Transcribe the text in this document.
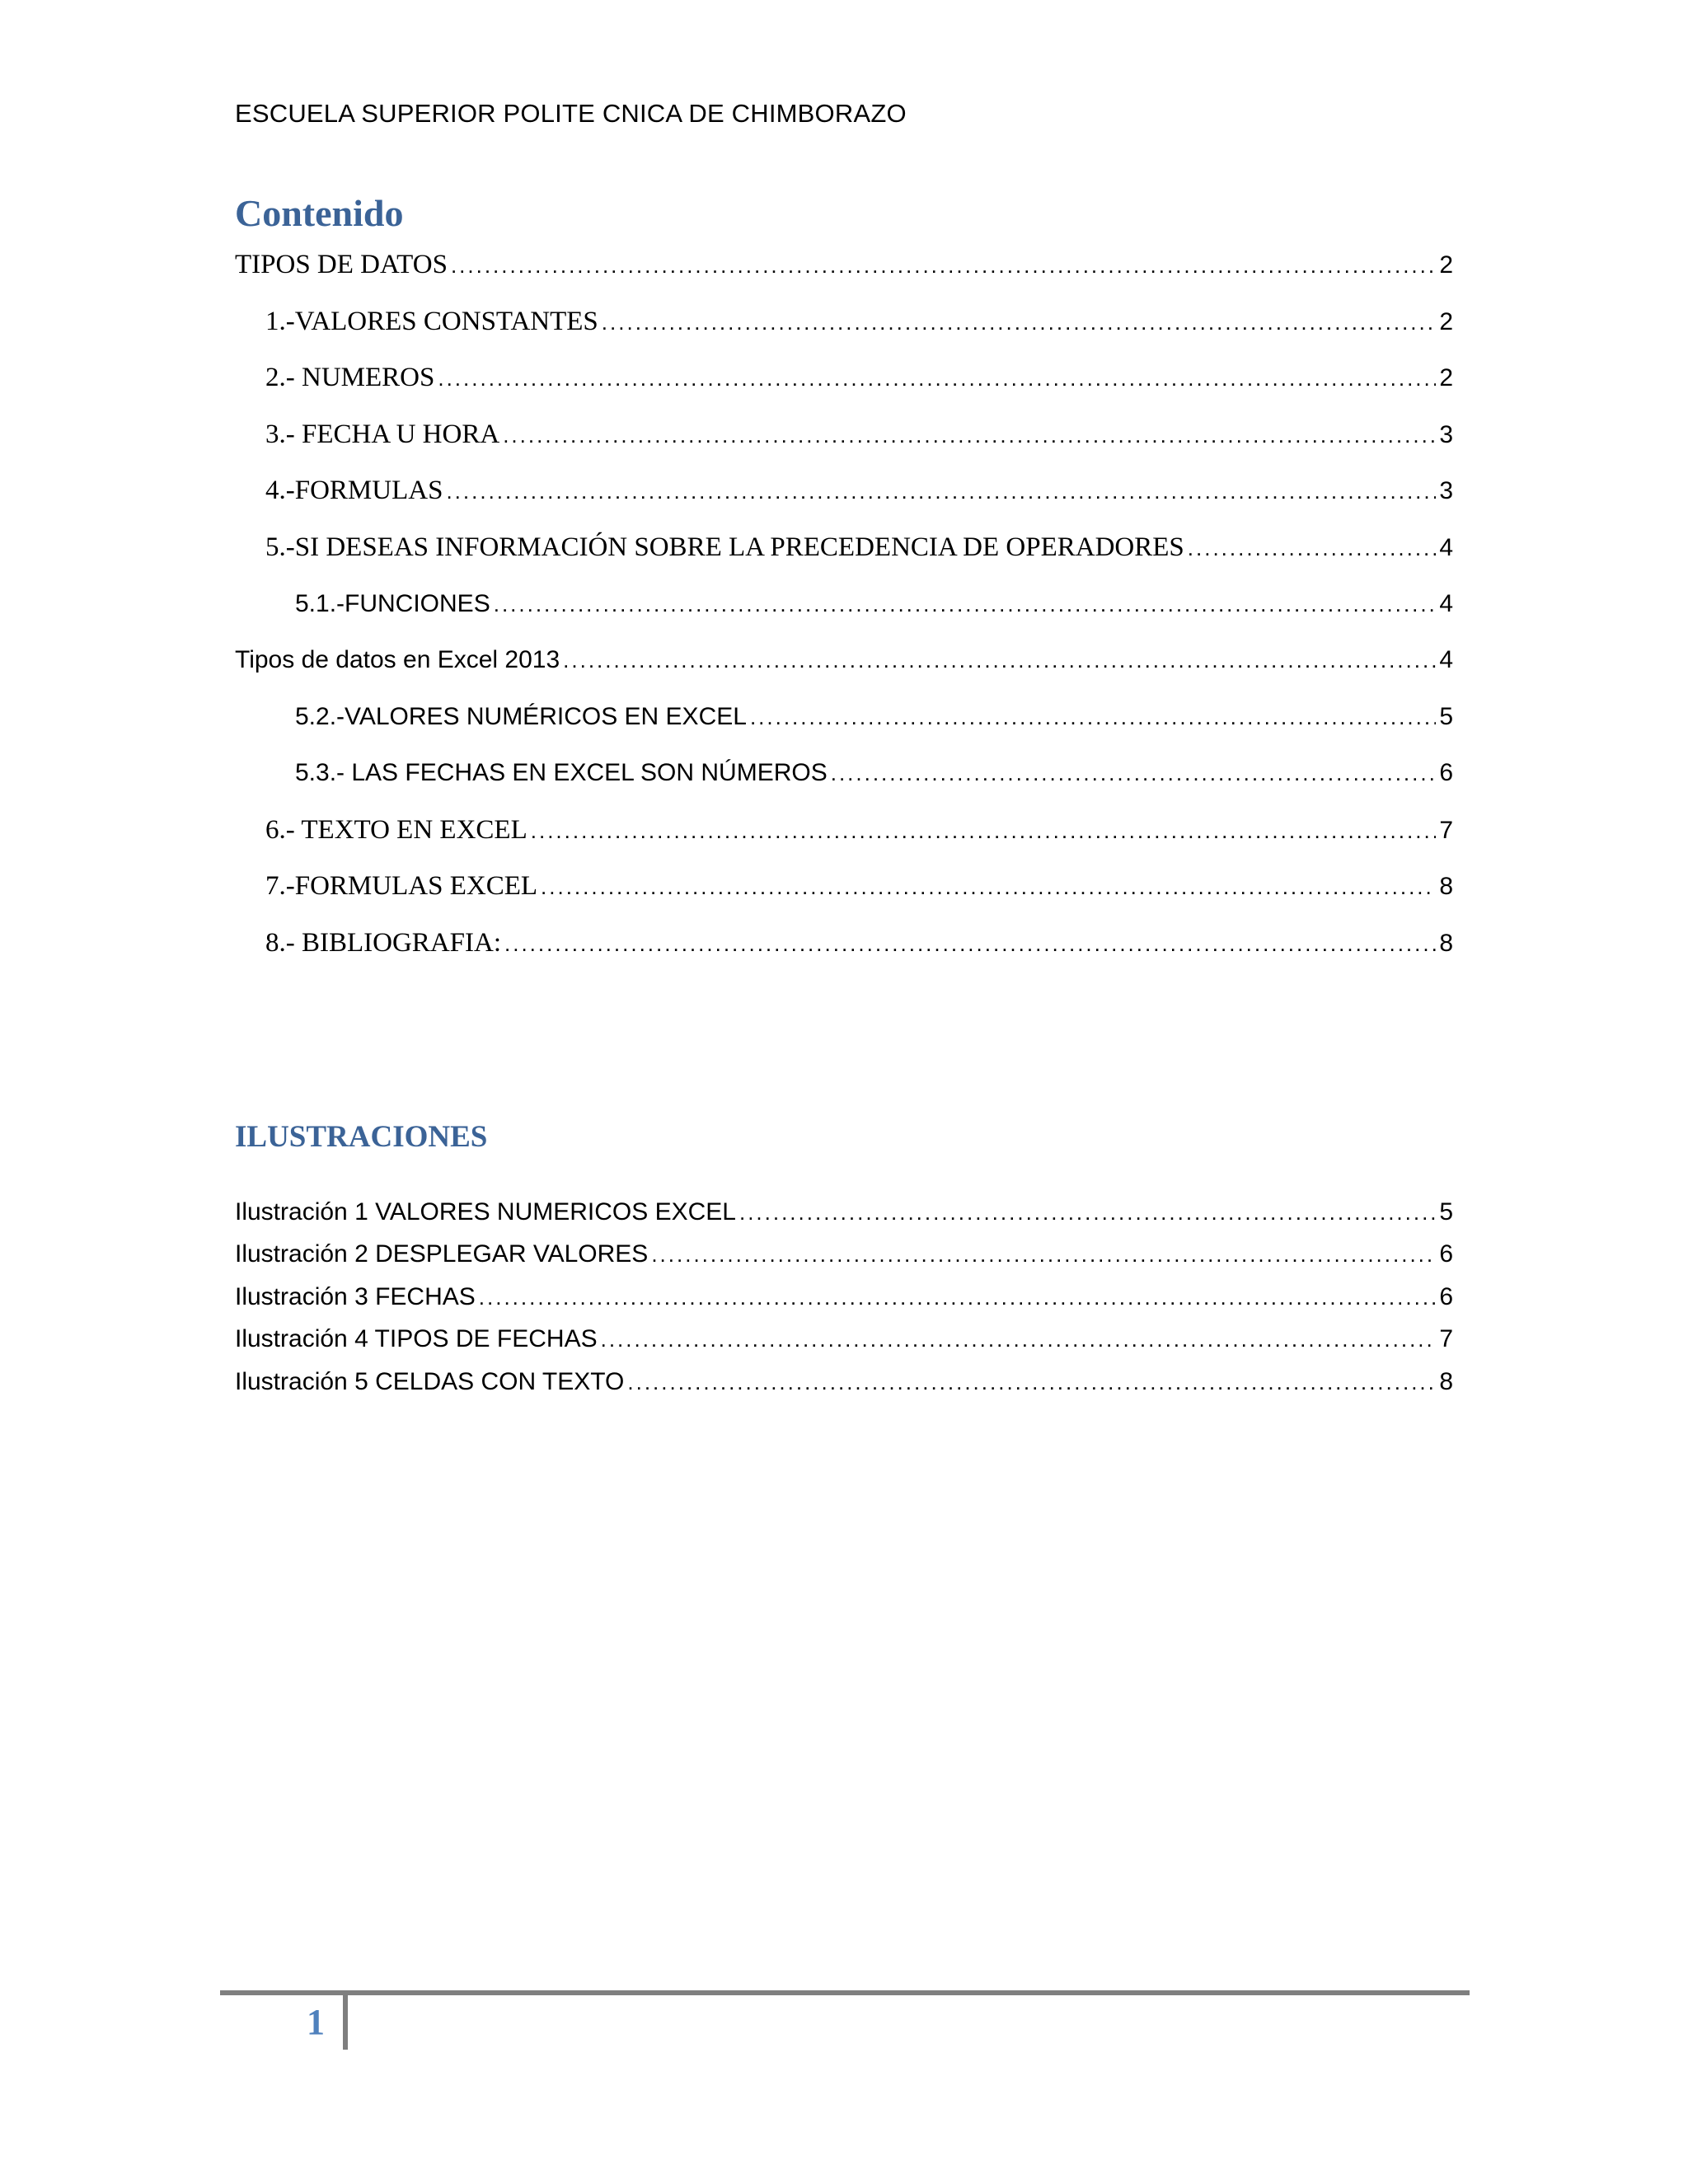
ESCUELA SUPERIOR POLITE CNICA DE CHIMBORAZO
Contenido
TIPOS DE DATOS .....	2
1.-VALORES CONSTANTES .....	2
2.- NUMEROS .....	2
3.- FECHA U HORA .....	3
4.-FORMULAS .....	3
5.-SI DESEAS INFORMACIÓN SOBRE LA PRECEDENCIA DE OPERADORES .....	4
5.1.-FUNCIONES .....	4
Tipos de datos en Excel 2013 .....	4
5.2.-VALORES NUMÉRICOS EN EXCEL .....	5
5.3.- LAS FECHAS EN EXCEL SON NÚMEROS .....	6
6.- TEXTO EN EXCEL .....	7
7.-FORMULAS EXCEL .....	8
8.- BIBLIOGRAFIA: .....	8
ILUSTRACIONES
Ilustración 1 VALORES NUMERICOS EXCEL .....	5
Ilustración 2 DESPLEGAR VALORES .....	6
Ilustración 3 FECHAS .....	6
Ilustración 4 TIPOS DE FECHAS .....	7
Ilustración 5 CELDAS CON TEXTO .....	8
1
